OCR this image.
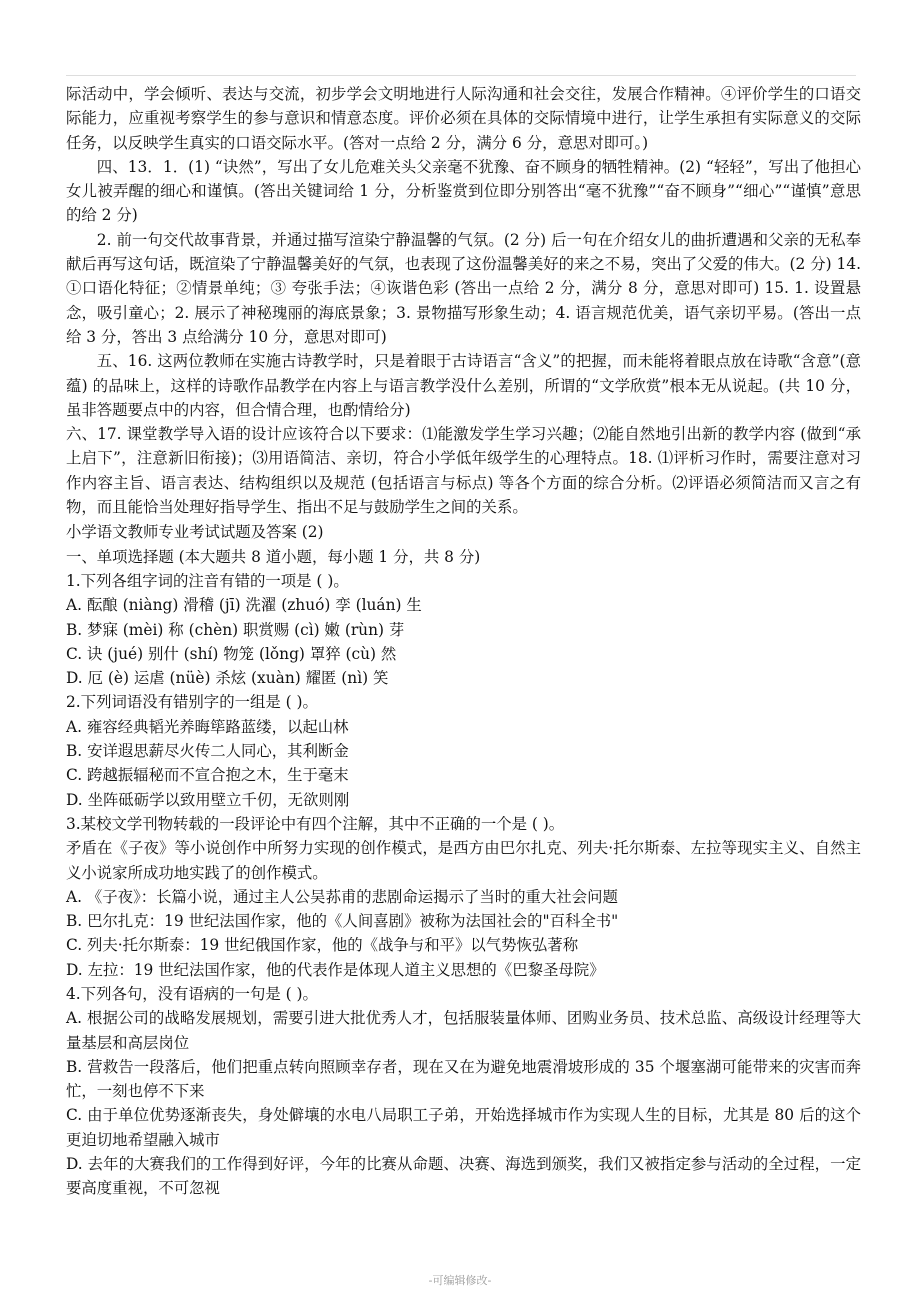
际活动中，学会倾听、表达与交流，初步学会文明地进行人际沟通和社会交往，发展合作精神。④评价学生的口语交际能力，应重视考察学生的参与意识和情意态度。评价必须在具体的交际情境中进行，让学生承担有实际意义的交际任务，以反映学生真实的口语交际水平。(答对一点给 2 分，满分 6 分，意思对即可。)

四、13．1．(1) “诀然”，写出了女儿危难关头父亲毫不犹豫、奋不顾身的牺牲精神。(2) “轻轻”，写出了他担心女儿被弄醒的细心和谨慎。(答出关键词给 1 分，分析鉴赏到位即分别答出“毫不犹豫”“奋不顾身”“细心”“谨慎”意思的给 2 分)

2. 前一句交代故事背景，并通过描写渲染宁静温馨的气氛。(2 分) 后一句在介绍女儿的曲折遭遇和父亲的无私奉献后再写这句话，既渲染了宁静温馨美好的气氛，也表现了这份温馨美好的来之不易，突出了父爱的伟大。(2 分) 14. ①口语化特征；②情景单纯；③ 夸张手法；④诙谐色彩 (答出一点给 2 分，满分 8 分，意思对即可) 15. 1. 设置悬念，吸引童心；2. 展示了神秘瑰丽的海底景象；3. 景物描写形象生动；4. 语言规范优美，语气亲切平易。(答出一点给 3 分，答出 3 点给满分 10 分，意思对即可)

五、16. 这两位教师在实施古诗教学时，只是着眼于古诗语言“含义”的把握，而未能将着眼点放在诗歌“含意”(意蕴) 的品味上，这样的诗歌作品教学在内容上与语言教学没什么差别，所谓的“文学欣赏”根本无从说起。(共 10 分，虽非答题要点中的内容，但合情合理，也酌情给分)

六、17. 课堂教学导入语的设计应该符合以下要求：⑴能激发学生学习兴趣；⑵能自然地引出新的教学内容 (做到“承上启下”，注意新旧衔接)；⑶用语简洁、亲切，符合小学低年级学生的心理特点。18. ⑴评析习作时，需要注意对习作内容主旨、语言表达、结构组织以及规范 (包括语言与标点) 等各个方面的综合分析。⑵评语必须简洁而又言之有物，而且能恰当处理好指导学生、指出不足与鼓励学生之间的关系。

小学语文教师专业考试试题及答案 (2)

一、单项选择题 (本大题共 8 道小题，每小题 1 分，共 8 分)

1.下列各组字词的注音有错的一项是 ( )。

A. 酝酿 (niàng) 滑稽 (jī) 洗濯 (zhuó) 孪 (luán) 生

B. 梦寐 (mèi) 称 (chèn) 职赏赐 (cì) 嫩 (rùn) 芽

C. 诀 (jué) 别什 (shí) 物笼 (lǒng) 罩猝 (cù) 然

D. 厄 (è) 运虐 (nüè) 杀炫 (xuàn) 耀匿 (nì) 笑

2.下列词语没有错别字的一组是 ( )。

A. 雍容经典韬光养晦筚路蓝缕，以起山林

B. 安详遐思薪尽火传二人同心，其利断金

C. 跨越振辐秘而不宣合抱之木，生于毫末

D. 坐阵砥砺学以致用壁立千仞，无欲则刚

3.某校文学刊物转载的一段评论中有四个注解，其中不正确的一个是 ( )。

矛盾在《子夜》等小说创作中所努力实现的创作模式，是西方由巴尔扎克、列夫·托尔斯泰、左拉等现实主义、自然主义小说家所成功地实践了的创作模式。

A. 《子夜》：长篇小说，通过主人公吴荪甫的悲剧命运揭示了当时的重大社会问题

B. 巴尔扎克：19 世纪法国作家，他的《人间喜剧》被称为法国社会的"百科全书"

C. 列夫·托尔斯泰：19 世纪俄国作家，他的《战争与和平》以气势恢弘著称

D. 左拉：19 世纪法国作家，他的代表作是体现人道主义思想的《巴黎圣母院》

4.下列各句，没有语病的一句是 ( )。

A. 根据公司的战略发展规划，需要引进大批优秀人才，包括服装量体师、团购业务员、技术总监、高级设计经理等大量基层和高层岗位

B. 营救告一段落后，他们把重点转向照顾幸存者，现在又在为避免地震滑坡形成的 35 个堰塞湖可能带来的灾害而奔忙，一刻也停不下来

C. 由于单位优势逐渐丧失，身处僻壤的水电八局职工子弟，开始选择城市作为实现人生的目标，尤其是 80 后的这个更迫切地希望融入城市

D. 去年的大赛我们的工作得到好评，今年的比赛从命题、决赛、海选到颁奖，我们又被指定参与活动的全过程，一定要高度重视，不可忽视

-可编辑修改-
